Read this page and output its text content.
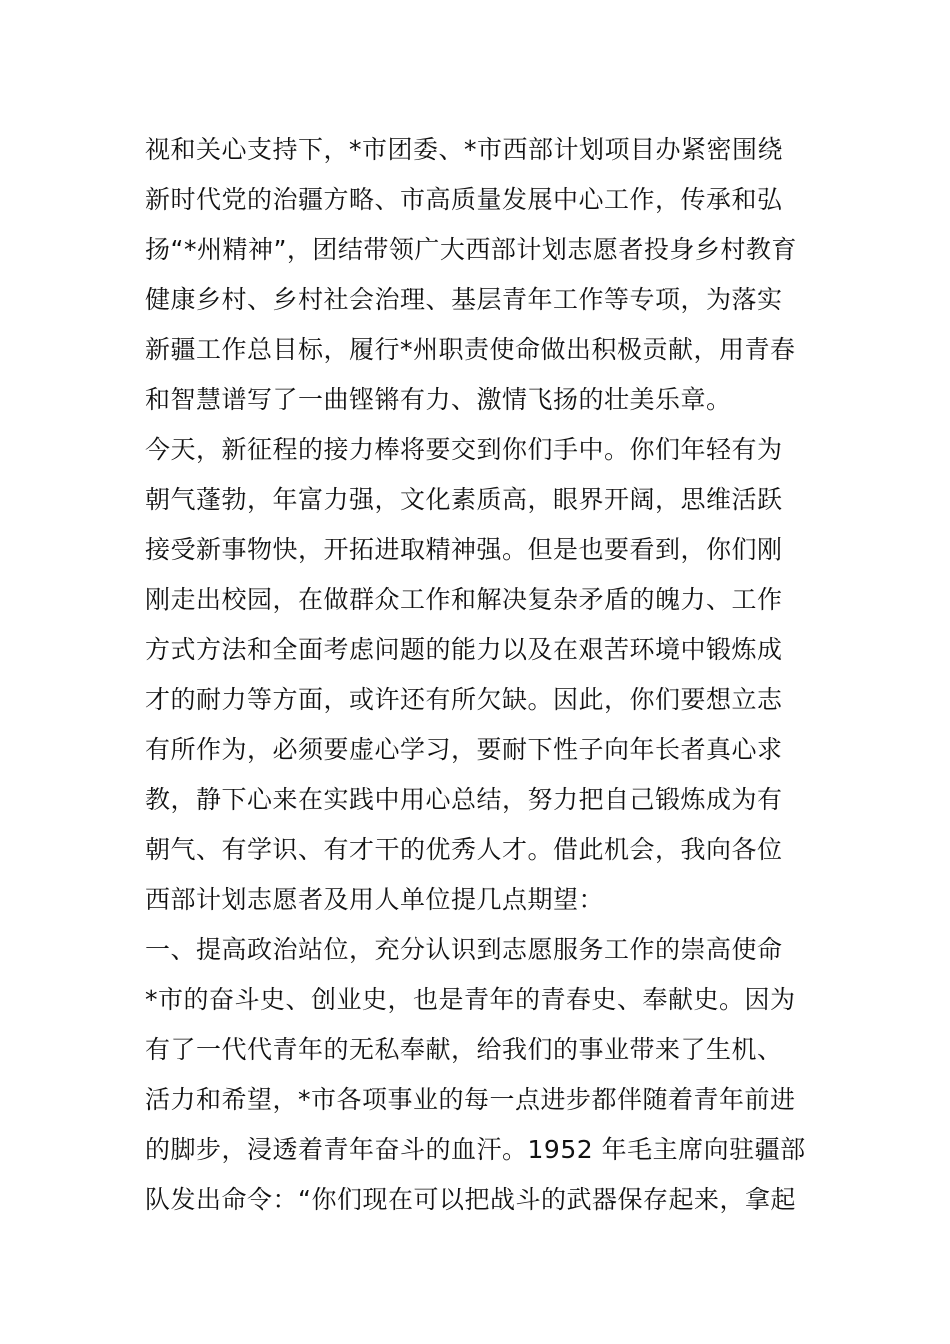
视和关心支持下，*市团委、*市西部计划项目办紧密围绕
新时代党的治疆方略、市高质量发展中心工作，传承和弘
扬“*州精神”，团结带领广大西部计划志愿者投身乡村教育
健康乡村、乡村社会治理、基层青年工作等专项，为落实
新疆工作总目标，履行*州职责使命做出积极贡献，用青春
和智慧谱写了一曲铿锵有力、激情飞扬的壮美乐章。
今天，新征程的接力棒将要交到你们手中。你们年轻有为
朝气蓬勃，年富力强，文化素质高，眼界开阔，思维活跃
接受新事物快，开拓进取精神强。但是也要看到，你们刚
刚走出校园，在做群众工作和解决复杂矛盾的魄力、工作
方式方法和全面考虑问题的能力以及在艰苦环境中锻炼成
才的耐力等方面，或许还有所欠缺。因此，你们要想立志
有所作为，必须要虚心学习，要耐下性子向年长者真心求
教，静下心来在实践中用心总结，努力把自己锻炼成为有
朝气、有学识、有才干的优秀人才。借此机会，我向各位
西部计划志愿者及用人单位提几点期望：
一、提高政治站位，充分认识到志愿服务工作的崇高使命
*市的奋斗史、创业史，也是青年的青春史、奉献史。因为
有了一代代青年的无私奉献，给我们的事业带来了生机、
活力和希望，*市各项事业的每一点进步都伴随着青年前进
的脚步，浸透着青年奋斗的血汗。1952 年毛主席向驻疆部
队发出命令：“你们现在可以把战斗的武器保存起来，拿起
